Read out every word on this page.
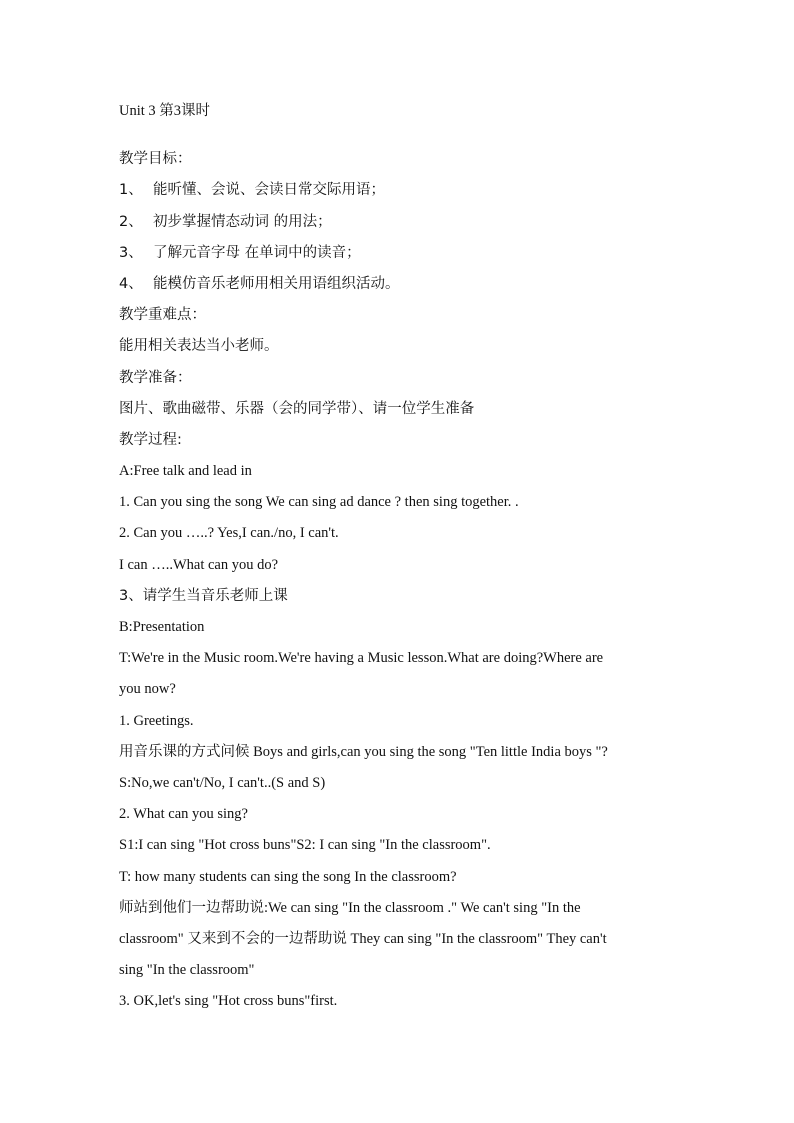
Unit 3 第3课时
教学目标：
1、 能听懂、会说、会读日常交际用语；
2、 初步掌握情态动词 的用法；
3、 了解元音字母 在单词中的读音；
4、 能模仿音乐老师用相关用语组织活动。
教学重难点：
能用相关表达当小老师。
教学准备：
图片、歌曲磁带、乐器（会的同学带）、请一位学生准备
教学过程:
A:Free talk and lead in
1. Can you sing the song We can sing ad dance ? then sing together. .
2. Can you …..? Yes,I can./no, I can't.
I can …..What can you do?
3、请学生当音乐老师上课
B:Presentation
T:We're in the Music room.We're having a Music lesson.What are doing?Where are
you now?
1. Greetings.
用音乐课的方式问候 Boys and girls,can you sing the song "Ten little India boys "?
S:No,we can't/No, I can't..(S and S)
2. What can you sing?
S1:I can sing "Hot cross buns"S2: I can sing "In the classroom".
T: how many students can sing the song In the classroom?
师站到他们一边帮助说:We can sing "In the classroom ." We can't sing "In the
classroom" 又来到不会的一边帮助说 They can sing "In the classroom" They can't
sing "In the classroom"
3. OK,let's sing "Hot cross buns"first.
